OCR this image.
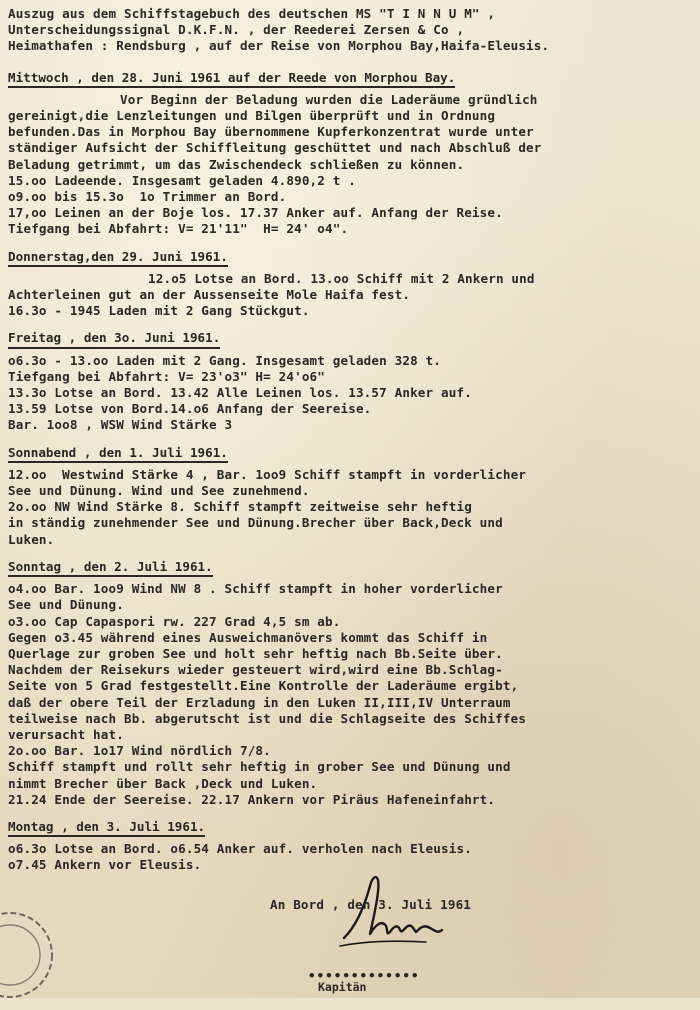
Auszug aus dem Schiffstagebuch des deutschen MS "T I N N U M" ,
Unterscheidungssignal D.K.F.N. , der Reederei Zersen & Co ,
Heimathafen : Rendsburg , auf der Reise von Morphou Bay,Haifa-Eleusis.
Mittwoch , den 28. Juni 1961 auf der Reede von Morphou Bay.
Vor Beginn der Beladung wurden die Laderäume gründlich
gereinigt,die Lenzleitungen und Bilgen überprüft und in Ordnung
befunden.Das in Morphou Bay übernommene Kupferkonzentrat wurde unter
ständiger Aufsicht der Schiffleitung geschüttet und nach Abschluß der
Beladung getrimmt, um das Zwischendeck schließen zu können.
15.oo Ladeende. Insgesamt geladen 4.890,2 t .
o9.oo bis 15.3o  1o Trimmer an Bord.
17,oo Leinen an der Boje los. 17.37 Anker auf. Anfang der Reise.
Tiefgang bei Abfahrt: V= 21'11"  H= 24' o4".
Donnerstag,den 29. Juni 1961.
12.o5 Lotse an Bord. 13.oo Schiff mit 2 Ankern und
Achterleinen gut an der Aussenseite Mole Haifa fest.
16.3o - 1945 Laden mit 2 Gang Stückgut.
Freitag , den 3o. Juni 1961.
o6.3o - 13.oo Laden mit 2 Gang. Insgesamt geladen 328 t.
Tiefgang bei Abfahrt: V= 23'o3" H= 24'o6"
13.3o Lotse an Bord. 13.42 Alle Leinen los. 13.57 Anker auf.
13.59 Lotse von Bord.14.o6 Anfang der Seereise.
Bar. 1oo8 , WSW Wind Stärke 3
Sonnabend , den 1. Juli 1961.
12.oo  Westwind Stärke 4 , Bar. 1oo9 Schiff stampft in vorderlicher
See und Dünung. Wind und See zunehmend.
2o.oo NW Wind Stärke 8. Schiff stampft zeitweise sehr heftig
in ständig zunehmender See und Dünung.Brecher über Back,Deck und
Luken.
Sonntag , den 2. Juli 1961.
o4.oo Bar. 1oo9 Wind NW 8 . Schiff stampft in hoher vorderlicher
See und Dünung.
o3.oo Cap Capaspori rw. 227 Grad 4,5 sm ab.
Gegen o3.45 während eines Ausweichmanövers kommt das Schiff in
Querlage zur groben See und holt sehr heftig nach Bb.Seite über.
Nachdem der Reisekurs wieder gesteuert wird,wird eine Bb.Schlag-
Seite von 5 Grad festgestellt.Eine Kontrolle der Laderäume ergibt,
daß der obere Teil der Erzladung in den Luken II,III,IV Unterraum
teilweise nach Bb. abgerutscht ist und die Schlagseite des Schiffes
verursacht hat.
2o.oo Bar. 1o17 Wind nördlich 7/8.
Schiff stampft und rollt sehr heftig in grober See und Dünung und
nimmt Brecher über Back ,Deck und Luken.
21.24 Ende der Seereise. 22.17 Ankern vor Piräus Hafeneinfahrt.
Montag , den 3. Juli 1961.
o6.3o Lotse an Bord. o6.54 Anker auf. verholen nach Eleusis.
o7.45 Ankern vor Eleusis.
An Bord , den 3. Juli 1961
•••••••••••••
Kapitän
